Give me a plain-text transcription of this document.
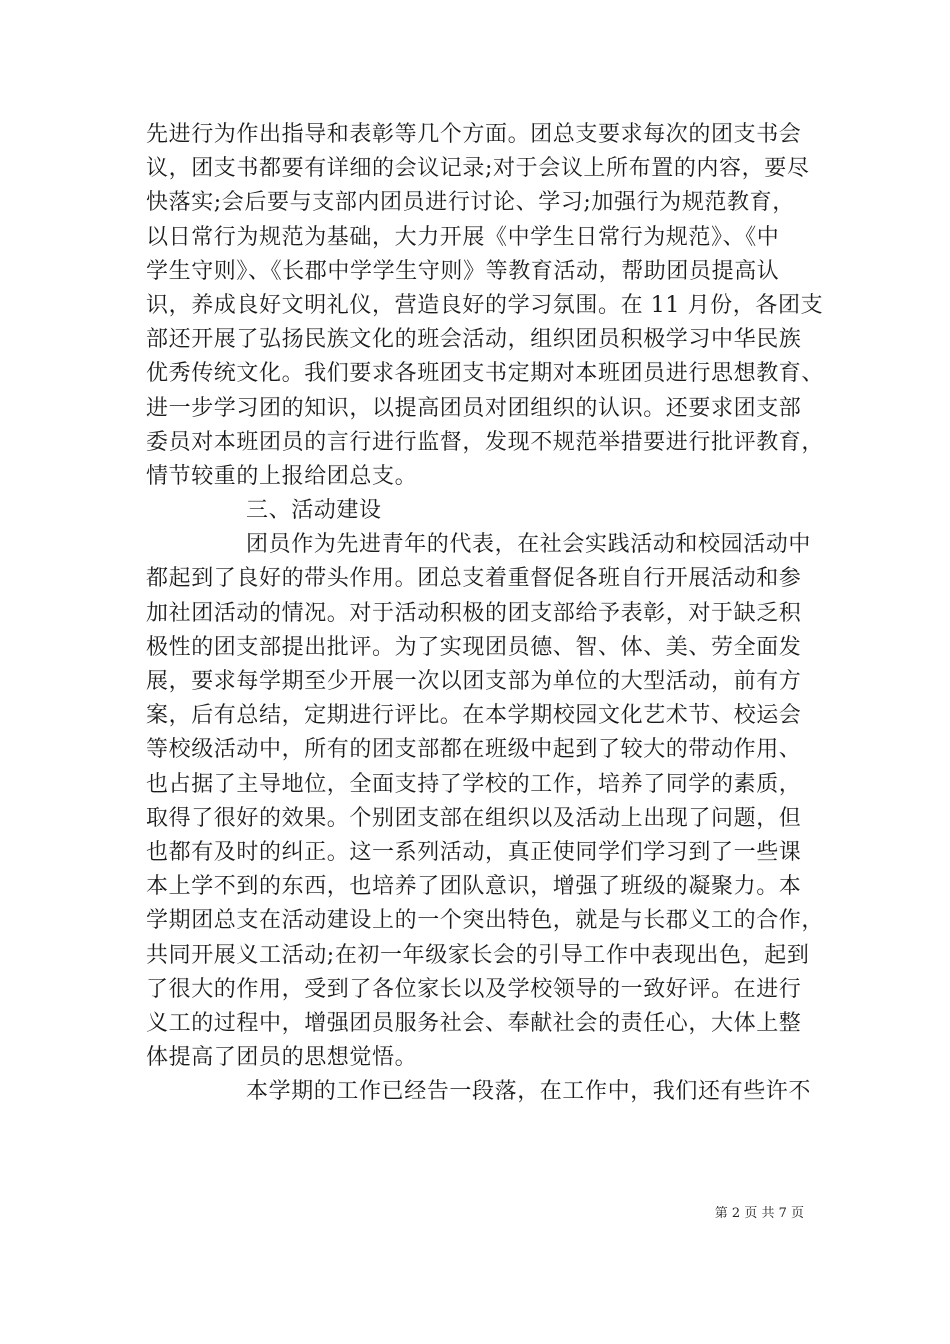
先进行为作出指导和表彰等几个方面。团总支要求每次的团支书会
议，团支书都要有详细的会议记录;对于会议上所布置的内容，要尽
快落实;会后要与支部内团员进行讨论、学习;加强行为规范教育，
以日常行为规范为基础，大力开展《中学生日常行为规范》、《中
学生守则》、《长郡中学学生守则》等教育活动，帮助团员提高认
识，养成良好文明礼仪，营造良好的学习氛围。在 11 月份，各团支
部还开展了弘扬民族文化的班会活动，组织团员积极学习中华民族
优秀传统文化。我们要求各班团支书定期对本班团员进行思想教育、
进一步学习团的知识，以提高团员对团组织的认识。还要求团支部
委员对本班团员的言行进行监督，发现不规范举措要进行批评教育，
情节较重的上报给团总支。
三、活动建设
团员作为先进青年的代表，在社会实践活动和校园活动中
都起到了良好的带头作用。团总支着重督促各班自行开展活动和参
加社团活动的情况。对于活动积极的团支部给予表彰，对于缺乏积
极性的团支部提出批评。为了实现团员德、智、体、美、劳全面发
展，要求每学期至少开展一次以团支部为单位的大型活动，前有方
案，后有总结，定期进行评比。在本学期校园文化艺术节、校运会
等校级活动中，所有的团支部都在班级中起到了较大的带动作用、
也占据了主导地位，全面支持了学校的工作，培养了同学的素质，
取得了很好的效果。个别团支部在组织以及活动上出现了问题，但
也都有及时的纠正。这一系列活动，真正使同学们学习到了一些课
本上学不到的东西，也培养了团队意识，增强了班级的凝聚力。本
学期团总支在活动建设上的一个突出特色，就是与长郡义工的合作，
共同开展义工活动;在初一年级家长会的引导工作中表现出色，起到
了很大的作用，受到了各位家长以及学校领导的一致好评。在进行
义工的过程中，增强团员服务社会、奉献社会的责任心，大体上整
体提高了团员的思想觉悟。
本学期的工作已经告一段落，在工作中，我们还有些许不
第 2 页 共 7 页
